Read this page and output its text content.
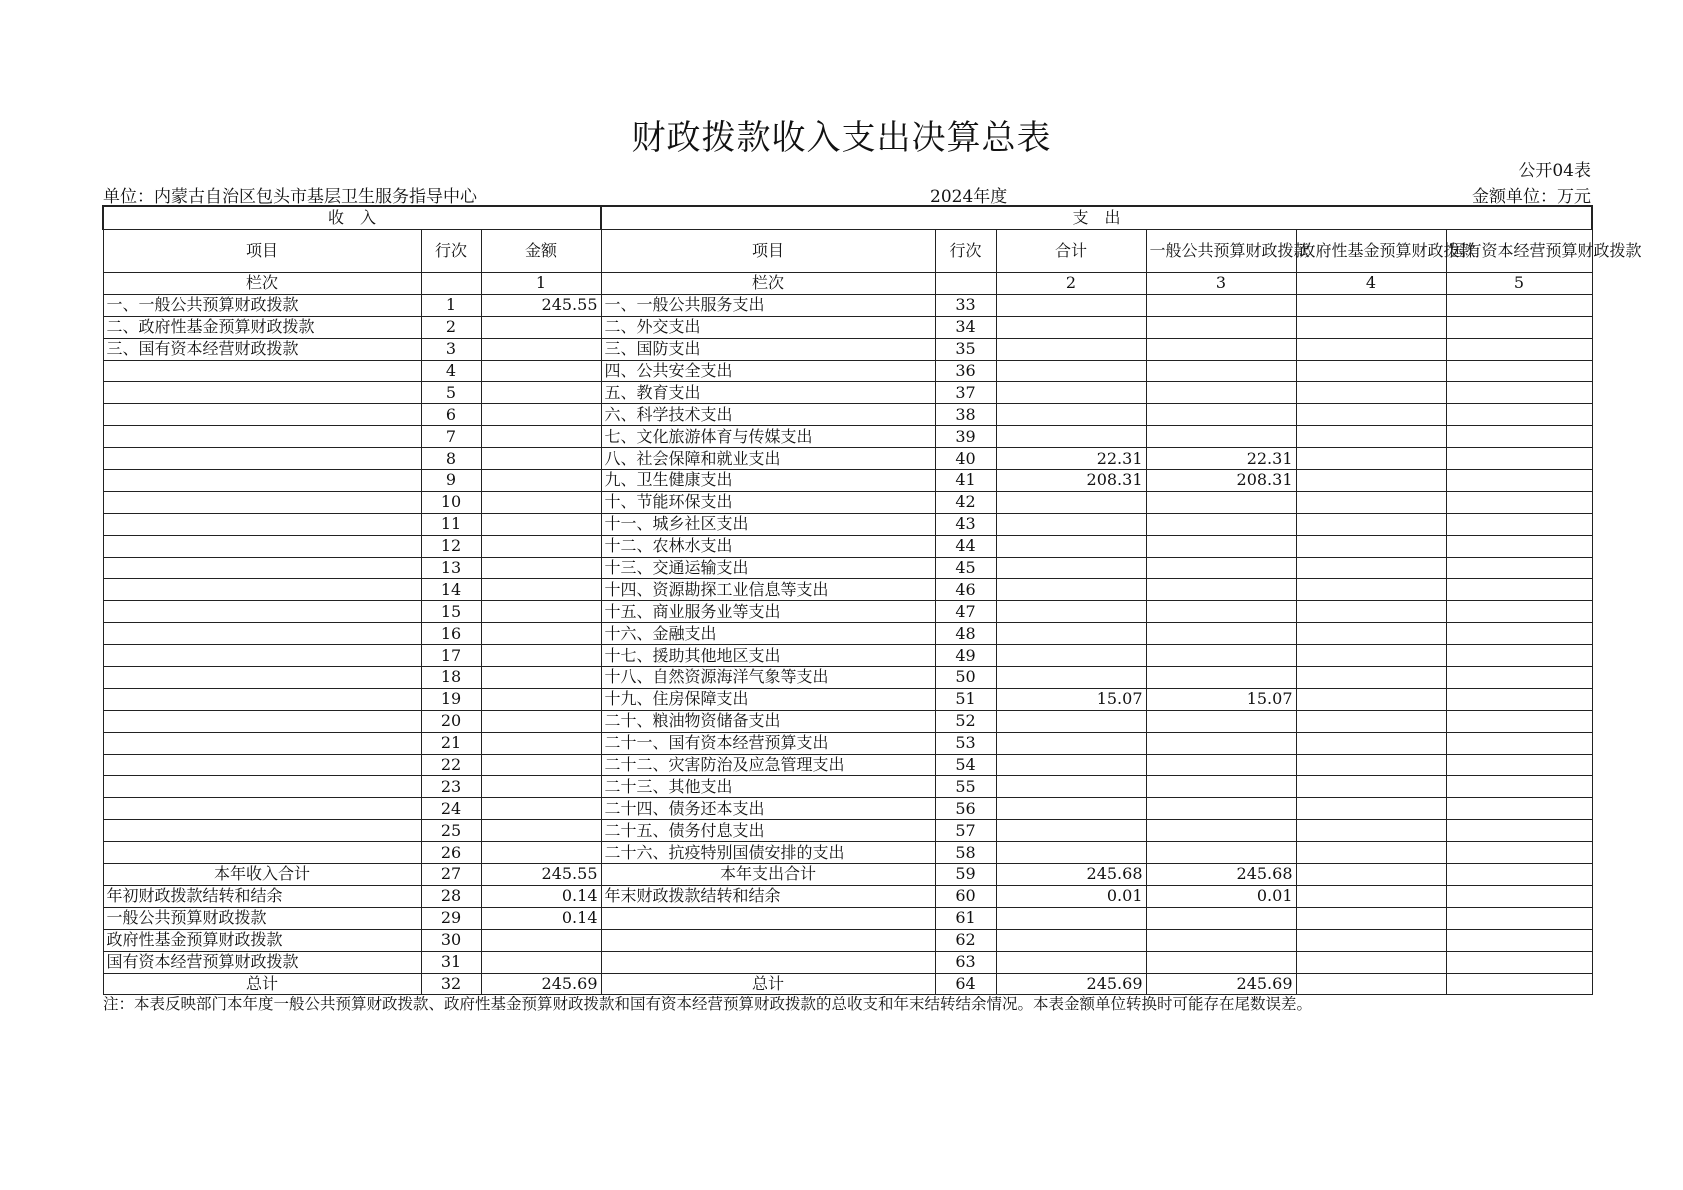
财政拨款收入支出决算总表
公开04表
单位：内蒙古自治区包头市基层卫生服务指导中心	2024年度	金额单位：万元
收　入			支　出					
项目	行次	金额	项目	行次	合计	一般公共预算财政拨款	政府性基金预算财政拨款	国有资本经营预算财政拨款
栏次		1	栏次		2	3	4	5
一、一般公共预算财政拨款	1	245.55	一、一般公共服务支出	33				
二、政府性基金预算财政拨款	2		二、外交支出	34				
三、国有资本经营财政拨款	3		三、国防支出	35				
	4		四、公共安全支出	36				
	5		五、教育支出	37				
	6		六、科学技术支出	38				
	7		七、文化旅游体育与传媒支出	39				
	8		八、社会保障和就业支出	40	22.31	22.31		
	9		九、卫生健康支出	41	208.31	208.31		
	10		十、节能环保支出	42				
	11		十一、城乡社区支出	43				
	12		十二、农林水支出	44				
	13		十三、交通运输支出	45				
	14		十四、资源勘探工业信息等支出	46				
	15		十五、商业服务业等支出	47				
	16		十六、金融支出	48				
	17		十七、援助其他地区支出	49				
	18		十八、自然资源海洋气象等支出	50				
	19		十九、住房保障支出	51	15.07	15.07		
	20		二十、粮油物资储备支出	52				
	21		二十一、国有资本经营预算支出	53				
	22		二十二、灾害防治及应急管理支出	54				
	23		二十三、其他支出	55				
	24		二十四、债务还本支出	56				
	25		二十五、债务付息支出	57				
	26		二十六、抗疫特别国债安排的支出	58				
本年收入合计	27	245.55	本年支出合计	59	245.68	245.68		
年初财政拨款结转和结余	28	0.14	年末财政拨款结转和结余	60	0.01	0.01		
一般公共预算财政拨款	29	0.14		61				
政府性基金预算财政拨款	30			62				
国有资本经营预算财政拨款	31			63				
总计	32	245.69	总计	64	245.69	245.69		
注：本表反映部门本年度一般公共预算财政拨款、政府性基金预算财政拨款和国有资本经营预算财政拨款的总收支和年末结转结余情况。本表金额单位转换时可能存在尾数误差。
